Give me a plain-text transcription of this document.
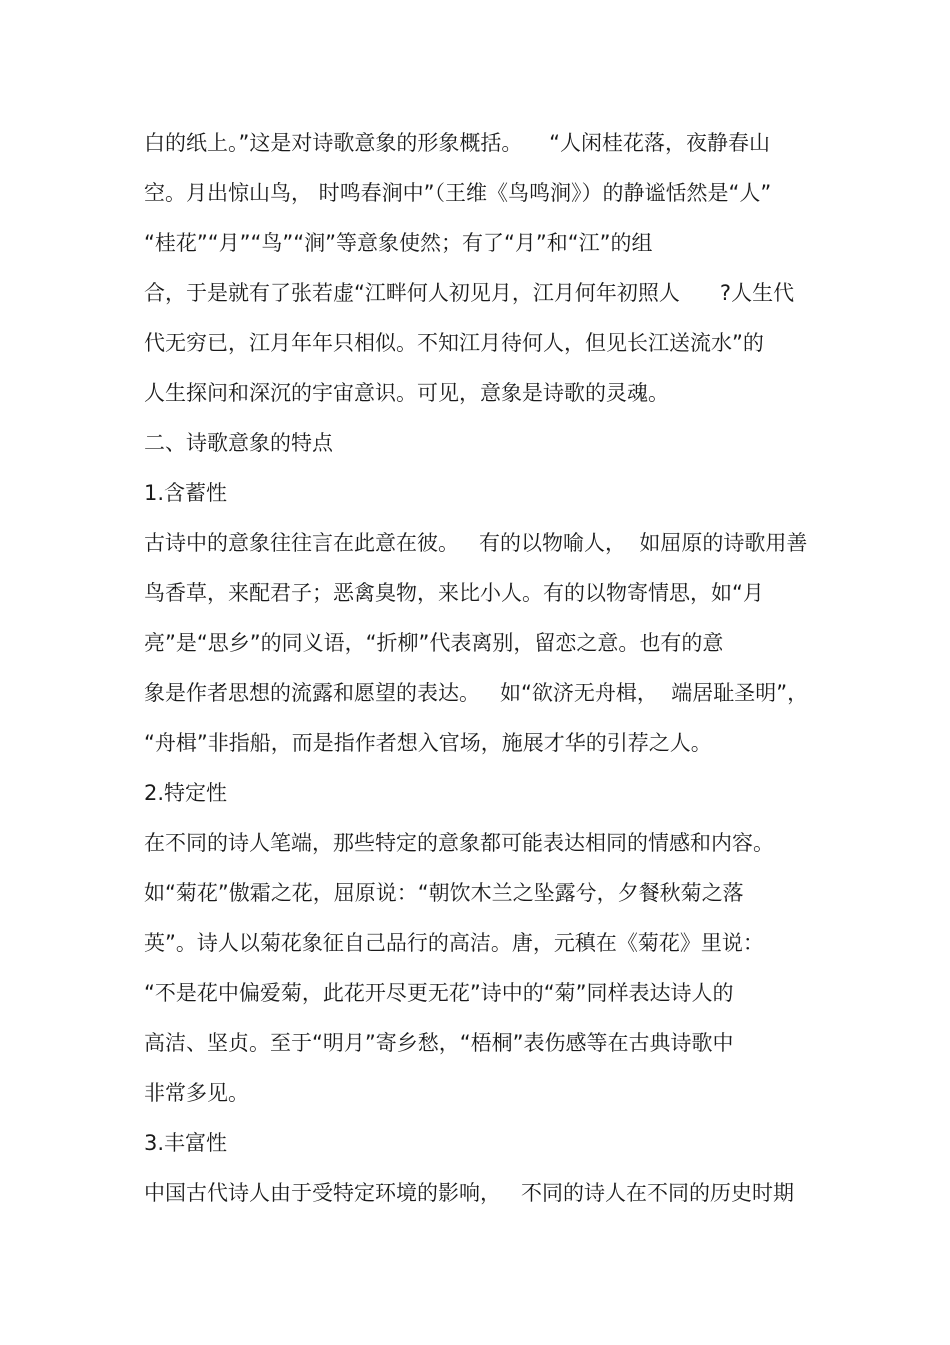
白的纸上。”这是对诗歌意象的形象概括。    “人闲桂花落，夜静春山
空。月出惊山鸟， 时鸣春涧中”（王维《鸟鸣涧》）的静谧恬然是“人”
“桂花”“月”“鸟”“涧”等意象使然；有了“月”和“江”的组
合，于是就有了张若虚“江畔何人初见月，江月何年初照人      ?人生代
代无穷已，江月年年只相似。不知江月待何人，但见长江送流水”的
人生探问和深沉的宇宙意识。可见，意象是诗歌的灵魂。
二、诗歌意象的特点
1.含蓄性
古诗中的意象往往言在此意在彼。   有的以物喻人，  如屈原的诗歌用善
鸟香草，来配君子；恶禽臭物，来比小人。有的以物寄情思，如“月
亮”是“思乡”的同义语，“折柳”代表离别，留恋之意。也有的意
象是作者思想的流露和愿望的表达。   如“欲济无舟楫，  端居耻圣明”，
“舟楫”非指船，而是指作者想入官场，施展才华的引荐之人。
2.特定性
在不同的诗人笔端，那些特定的意象都可能表达相同的情感和内容。
如“菊花”傲霜之花，屈原说：“朝饮木兰之坠露兮，夕餐秋菊之落
英”。诗人以菊花象征自己品行的高洁。唐，元稹在《菊花》里说：
“不是花中偏爱菊，此花开尽更无花”诗中的“菊”同样表达诗人的
高洁、坚贞。至于“明月”寄乡愁，“梧桐”表伤感等在古典诗歌中
非常多见。
3.丰富性
中国古代诗人由于受特定环境的影响，   不同的诗人在不同的历史时期
